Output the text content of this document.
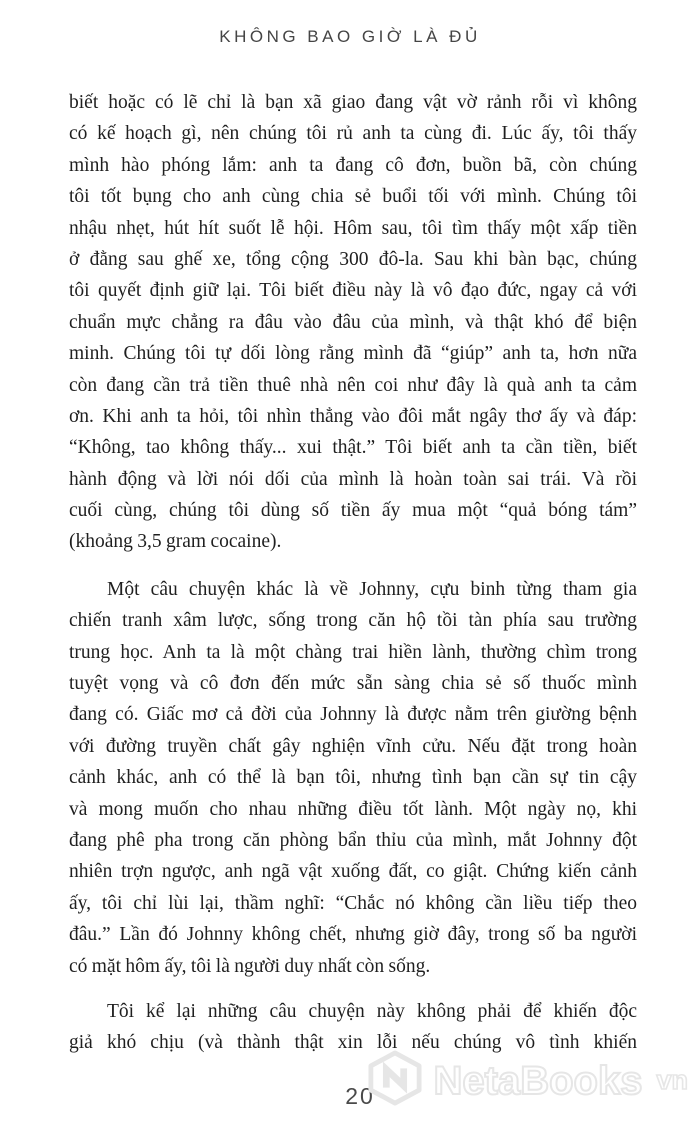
KHÔNG BAO GIỜ LÀ ĐỦ
biết hoặc có lẽ chỉ là bạn xã giao đang vật vờ rảnh rỗi vì không
có kế hoạch gì, nên chúng tôi rủ anh ta cùng đi. Lúc ấy, tôi thấy
mình hào phóng lắm: anh ta đang cô đơn, buồn bã, còn chúng
tôi tốt bụng cho anh cùng chia sẻ buổi tối với mình. Chúng tôi
nhậu nhẹt, hút hít suốt lễ hội. Hôm sau, tôi tìm thấy một xấp tiền
ở đằng sau ghế xe, tổng cộng 300 đô-la. Sau khi bàn bạc, chúng
tôi quyết định giữ lại. Tôi biết điều này là vô đạo đức, ngay cả với
chuẩn mực chẳng ra đâu vào đâu của mình, và thật khó để biện
minh. Chúng tôi tự dối lòng rằng mình đã “giúp” anh ta, hơn nữa
còn đang cần trả tiền thuê nhà nên coi như đây là quà anh ta cảm
ơn. Khi anh ta hỏi, tôi nhìn thẳng vào đôi mắt ngây thơ ấy và đáp:
“Không, tao không thấy... xui thật.” Tôi biết anh ta cần tiền, biết
hành động và lời nói dối của mình là hoàn toàn sai trái. Và rồi
cuối cùng, chúng tôi dùng số tiền ấy mua một “quả bóng tám”
(khoảng 3,5 gram cocaine).
Một câu chuyện khác là về Johnny, cựu binh từng tham gia
chiến tranh xâm lược, sống trong căn hộ tồi tàn phía sau trường
trung học. Anh ta là một chàng trai hiền lành, thường chìm trong
tuyệt vọng và cô đơn đến mức sẵn sàng chia sẻ số thuốc mình
đang có. Giấc mơ cả đời của Johnny là được nằm trên giường bệnh
với đường truyền chất gây nghiện vĩnh cửu. Nếu đặt trong hoàn
cảnh khác, anh có thể là bạn tôi, nhưng tình bạn cần sự tin cậy
và mong muốn cho nhau những điều tốt lành. Một ngày nọ, khi
đang phê pha trong căn phòng bẩn thỉu của mình, mắt Johnny đột
nhiên trợn ngược, anh ngã vật xuống đất, co giật. Chứng kiến cảnh
ấy, tôi chỉ lùi lại, thầm nghĩ: “Chắc nó không cần liều tiếp theo
đâu.” Lần đó Johnny không chết, nhưng giờ đây, trong số ba người
có mặt hôm ấy, tôi là người duy nhất còn sống.
Tôi kể lại những câu chuyện này không phải để khiến độc
giả khó chịu (và thành thật xin lỗi nếu chúng vô tình khiến
20 NetaBooks vn
